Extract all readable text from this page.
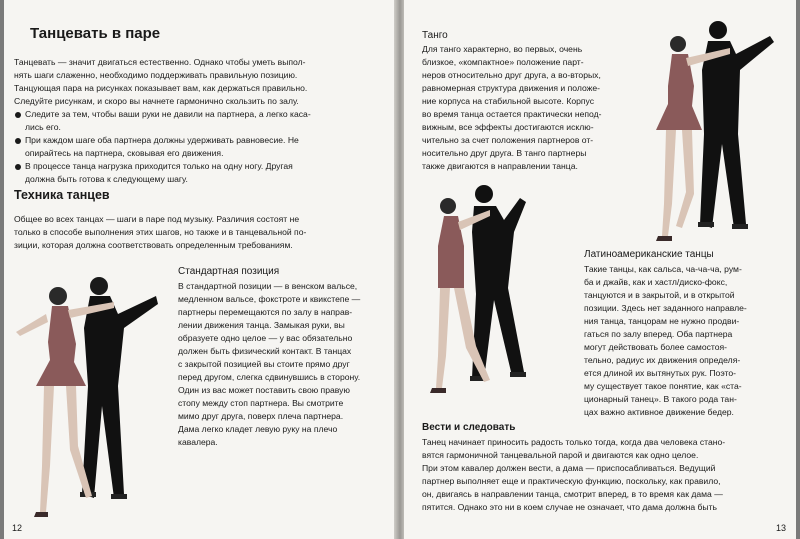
Танцевать в паре

Танцевать — значит двигаться естественно. Однако чтобы уметь выпол-

нять шаги слаженно, необходимо поддерживать правильную позицию.

Танцующая пара на рисунках показывает вам, как держаться правильно.

Следуйте рисункам, и скоро вы начнете гармонично скользить по залу.

Следите за тем, чтобы ваши руки не давили на партнера, а легко касa-

лись его.

При каждом шаге оба партнера должны удерживать равновесие. Не

опирайтесь на партнера, сковывая его движения.

В процессе танца нагрузка приходится только на одну ногу. Другая

должна быть готова к следующему шагу.

Техника танцев

Общее во всех танцах — шаги в паре под музыку. Различия состоят не

только в способе выполнения этих шагов, но также и в танцевальной по-

зиции, которая должна соответствовать определенным требованиям.

Стандартная позиция

В стандартной позиции — в венском вальсе,

медленном вальсе, фокстроте и квикстепе —

партнеры перемещаются по залу в направ-

лении движения танца. Замыкая руки, вы

образуете одно целое — у вас обязательно

должен быть физический контакт. В танцах

с закрытой позицией вы стоите прямо друг

перед другом, слегка сдвинувшись в сторону.

Один из вас может поставить свою правую

стопу между стоп партнера. Вы смотрите

мимо друг друга, поверх плеча партнера.

Дама легко кладет левую руку на плечо

кавалера.

12
Танго

Для танго характерно, во первых, очень

близкое, «компактное» положение парт-

неров относительно друг друга, а во-вторых,

равномерная структура движения и положе-

ние корпуса на стабильной высоте. Корпус

во время танца остается практически непод-

вижным, все эффекты достигаются исклю-

чительно за счет положения партнеров от-

носительно друг друга. В танго партнеры

также двигаются в направлении танца.

Латиноамериканские танцы

Такие танцы, как сальса, ча-ча-ча, рум-

ба и джайв, как и хастл/диско-фокс,

танцуются и в закрытой, и в открытой

позиции. Здесь нет заданного направле-

ния танца, танцорам не нужно продви-

гаться по залу вперед. Оба партнера

могут действовать более самостоя-

тельно, радиус их движения определя-

ется длиной их вытянутых рук. Поэто-

му существует такое понятие, как «ста-

ционарный танец». В такого рода тан-

цах важно активное движение бедер.

Вести и следовать

Танец начинает приносить радость только тогда, когда два человека стано-

вятся гармоничной танцевальной парой и двигаются как одно целое.

При этом кавалер должен вести, а дама — приспосабливаться. Ведущий

партнер выполняет еще и практическую функцию, поскольку, как правило,

он, двигаясь в направлении танца, смотрит вперед, в то время как дама —

пятится. Однако это ни в коем случае не означает, что дама должна быть

13
